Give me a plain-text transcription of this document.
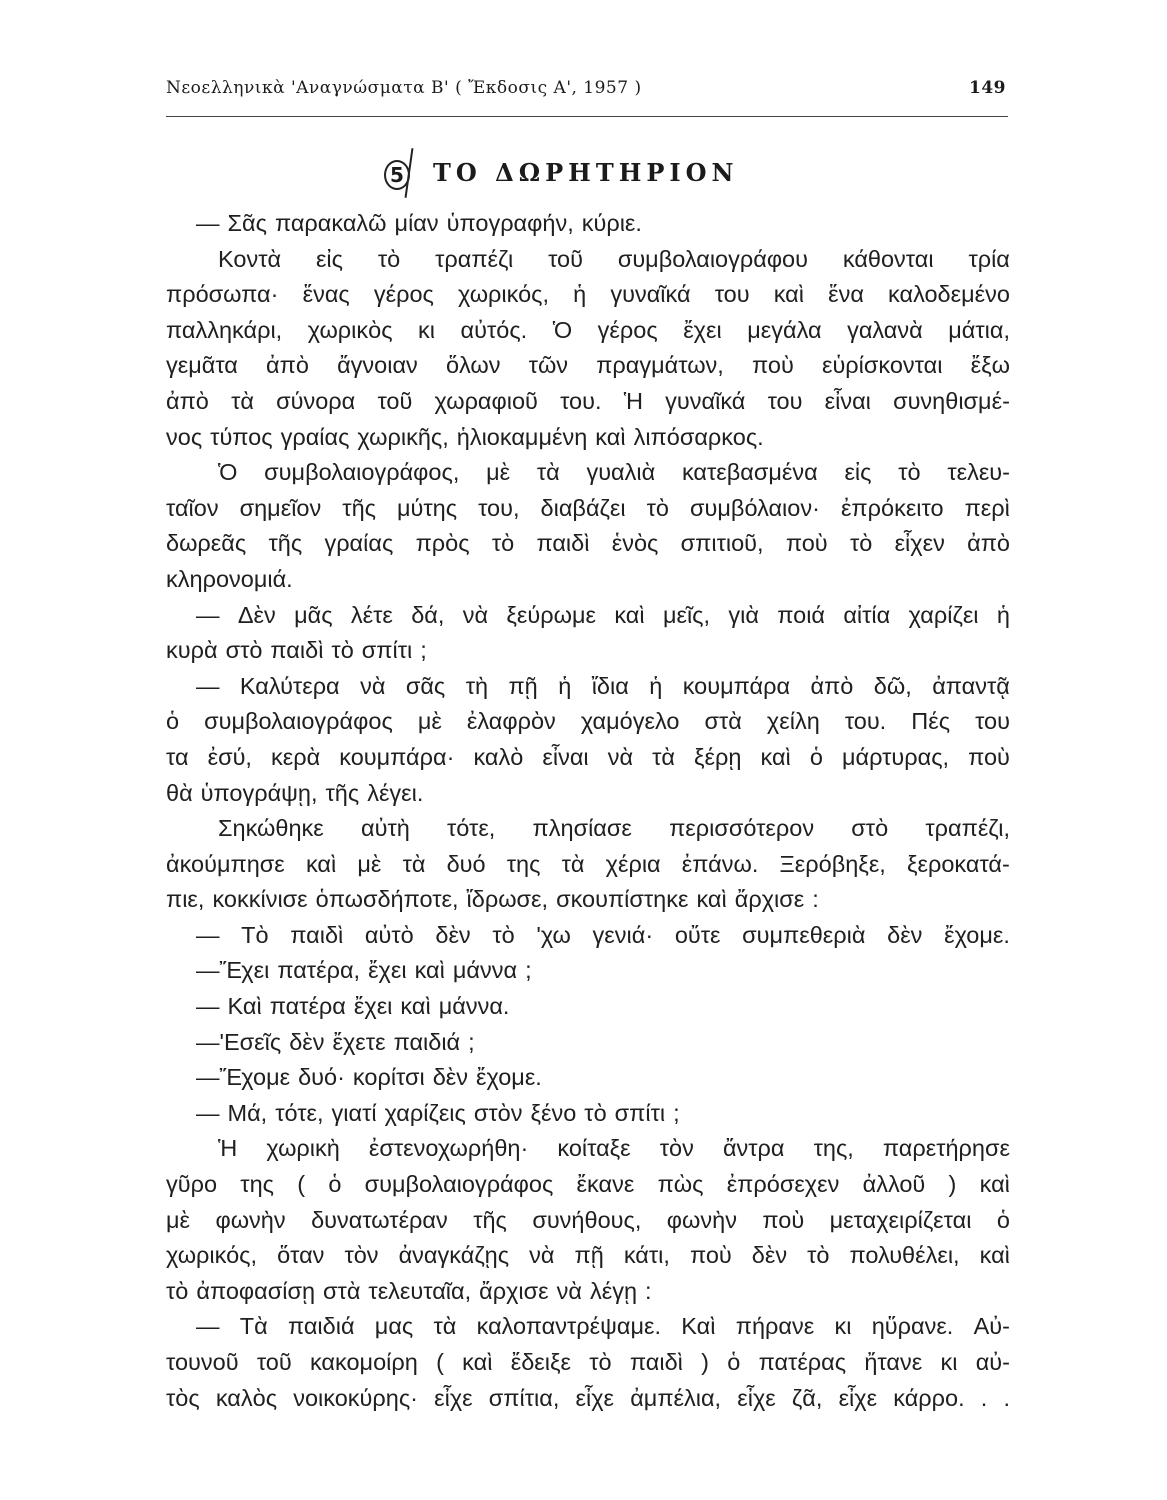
Νεοελληνικὰ 'Αναγνώσματα Β' ( Ἔκδοσις Α', 1957 )	149
5 ΤΟ ΔΩΡΗΤΗΡΙΟΝ
— Σᾶς παρακαλῶ μίαν ὑπογραφήν, κύριε.
Κοντὰ εἰς τὸ τραπέζι τοῦ συμβολαιογράφου κάθονται τρία
πρόσωπα· ἕνας γέρος χωρικός, ἡ γυναῖκά του καὶ ἕνα καλοδεμένο
παλληκάρι, χωρικὸς κι αὐτός. Ὁ γέρος ἔχει μεγάλα γαλανὰ μάτια,
γεμᾶτα ἀπὸ ἄγνοιαν ὅλων τῶν πραγμάτων, ποὺ εὑρίσκονται ἔξω
ἀπὸ τὰ σύνορα τοῦ χωραφιοῦ του. Ἡ γυναῖκά του εἶναι συνηθισμέ-
νος τύπος γραίας χωρικῆς, ἡλιοκαμμένη καὶ λιπόσαρκος.
Ὁ συμβολαιογράφος, μὲ τὰ γυαλιὰ κατεβασμένα εἰς τὸ τελευ-
ταῖον σημεῖον τῆς μύτης του, διαβάζει τὸ συμβόλαιον· ἐπρόκειτο περὶ
δωρεᾶς τῆς γραίας πρὸς τὸ παιδὶ ἑνὸς σπιτιοῦ, ποὺ τὸ εἶχεν ἀπὸ
κληρονομιά.
— Δὲν μᾶς λέτε δά, νὰ ξεύρωμε καὶ μεῖς, γιὰ ποιά αἰτία χαρίζει ἡ
κυρὰ στὸ παιδὶ τὸ σπίτι ;
— Καλύτερα νὰ σᾶς τὴ πῇ ἡ ἴδια ἡ κουμπάρα ἀπὸ δῶ, ἀπαντᾷ
ὁ συμβολαιογράφος μὲ ἐλαφρὸν χαμόγελο στὰ χείλη του. Πές του
τα ἐσύ, κερὰ κουμπάρα· καλὸ εἶναι νὰ τὰ ξέρῃ καὶ ὁ μάρτυρας, ποὺ
θὰ ὑπογράψῃ, τῆς λέγει.
Σηκώθηκε αὐτὴ τότε, πλησίασε περισσότερον στὸ τραπέζι,
ἀκούμπησε καὶ μὲ τὰ δυό της τὰ χέρια ἐπάνω. Ξερόβηξε, ξεροκατά-
πιε, κοκκίνισε ὁπωσδήποτε, ἴδρωσε, σκουπίστηκε καὶ ἄρχισε :
— Τὸ παιδὶ αὐτὸ δὲν τὸ 'χω γενιά· οὔτε συμπεθεριὰ δὲν ἔχομε.
—Ἔχει πατέρα, ἔχει καὶ μάννα ;
— Καὶ πατέρα ἔχει καὶ μάννα.
—'Εσεῖς δὲν ἔχετε παιδιά ;
—Ἔχομε δυό· κορίτσι δὲν ἔχομε.
— Μά, τότε, γιατί χαρίζεις στὸν ξένο τὸ σπίτι ;
Ἡ χωρικὴ ἐστενοχωρήθη· κοίταξε τὸν ἄντρα της, παρετήρησε
γῦρο της ( ὁ συμβολαιογράφος ἔκανε πὼς ἐπρόσεχεν ἀλλοῦ ) καὶ
μὲ φωνὴν δυνατωτέραν τῆς συνήθους, φωνὴν ποὺ μεταχειρίζεται ὁ
χωρικός, ὅταν τὸν ἀναγκάζῃς νὰ πῇ κάτι, ποὺ δὲν τὸ πολυθέλει, καὶ
τὸ ἀποφασίσῃ στὰ τελευταῖα, ἄρχισε νὰ λέγῃ :
— Τὰ παιδιά μας τὰ καλοπαντρέψαμε. Καὶ πήρανε κι ηὕρανε. Αὐ-
τουνοῦ τοῦ κακομοίρη ( καὶ ἔδειξε τὸ παιδὶ ) ὁ πατέρας ἤτανε κι αὐ-
τὸς καλὸς νοικοκύρης· εἶχε σπίτια, εἶχε ἀμπέλια, εἶχε ζᾶ, εἶχε κάρρο. . .
